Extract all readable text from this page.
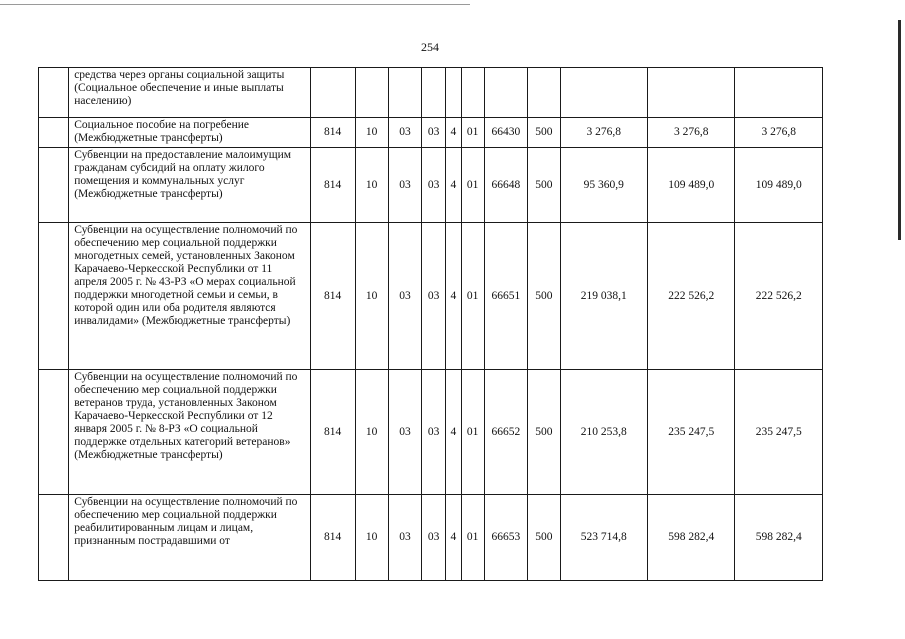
254
	средства через органы социальной защиты (Социальное обеспечение и иные выплаты населению)											
	Социальное пособие на погребение (Межбюджетные трансферты)	814	10	03	03	4	01	66430	500	3 276,8	3 276,8	3 276,8
	Субвенции на предоставление малоимущим гражданам субсидий на оплату жилого помещения и коммунальных услуг (Межбюджетные трансферты)	814	10	03	03	4	01	66648	500	95 360,9	109 489,0	109 489,0
	Субвенции на осуществление полномочий по обеспечению мер социальной поддержки многодетных семей, установленных Законом Карачаево-Черкесской Республики от 11 апреля 2005 г. № 43-РЗ «О мерах социальной поддержки многодетной семьи и семьи, в которой один или оба родителя являются инвалидами» (Межбюджетные трансферты)	814	10	03	03	4	01	66651	500	219 038,1	222 526,2	222 526,2
	Субвенции на осуществление полномочий по обеспечению мер социальной поддержки ветеранов труда, установленных Законом Карачаево-Черкесской Республики от 12 января 2005 г. № 8-РЗ «О социальной поддержке отдельных категорий ветеранов» (Межбюджетные трансферты)	814	10	03	03	4	01	66652	500	210 253,8	235 247,5	235 247,5
	Субвенции на осуществление полномочий по обеспечению мер социальной поддержки реабилитированным лицам и лицам, признанным пострадавшими от	814	10	03	03	4	01	66653	500	523 714,8	598 282,4	598 282,4
